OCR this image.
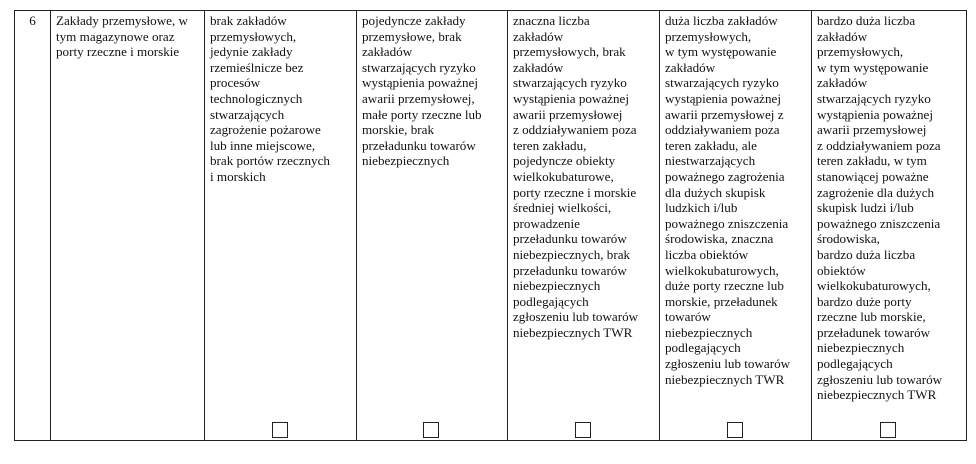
6	Zakłady przemysłowe, w tym magazynowe oraz porty rzeczne i morskie

brak zakładów
przemysłowych,
jedynie zakłady
rzemieślnicze bez
procesów
technologicznych
stwarzających
zagrożenie pożarowe
lub inne miejscowe,
brak portów rzecznych
i morskich

pojedyncze zakłady
przemysłowe, brak
zakładów
stwarzających ryzyko
wystąpienia poważnej
awarii przemysłowej,
małe porty rzeczne lub
morskie, brak
przeładunku towarów
niebezpiecznych

znaczna liczba
zakładów
przemysłowych, brak
zakładów
stwarzających ryzyko
wystąpienia poważnej
awarii przemysłowej
z oddziaływaniem poza
teren zakładu,
pojedyncze obiekty
wielkokubaturowe,
porty rzeczne i morskie
średniej wielkości,
prowadzenie
przeładunku towarów
niebezpiecznych, brak
przeładunku towarów
niebezpiecznych
podlegających
zgłoszeniu lub towarów
niebezpiecznych TWR

duża liczba zakładów
przemysłowych,
w tym występowanie
zakładów
stwarzających ryzyko
wystąpienia poważnej
awarii przemysłowej z
oddziaływaniem poza
teren zakładu, ale
niestwarzających
poważnego zagrożenia
dla dużych skupisk
ludzkich i/lub
poważnego zniszczenia
środowiska, znaczna
liczba obiektów
wielkokubaturowych,
duże porty rzeczne lub
morskie, przeładunek
towarów
niebezpiecznych
podlegających
zgłoszeniu lub towarów
niebezpiecznych TWR

bardzo duża liczba
zakładów
przemysłowych,
w tym występowanie
zakładów
stwarzających ryzyko
wystąpienia poważnej
awarii przemysłowej
z oddziaływaniem poza
teren zakładu, w tym
stanowiącej poważne
zagrożenie dla dużych
skupisk ludzi i/lub
poważnego zniszczenia
środowiska,
bardzo duża liczba
obiektów
wielkokubaturowych,
bardzo duże porty
rzeczne lub morskie,
przeładunek towarów
niebezpiecznych
podlegających
zgłoszeniu lub towarów
niebezpiecznych TWR
